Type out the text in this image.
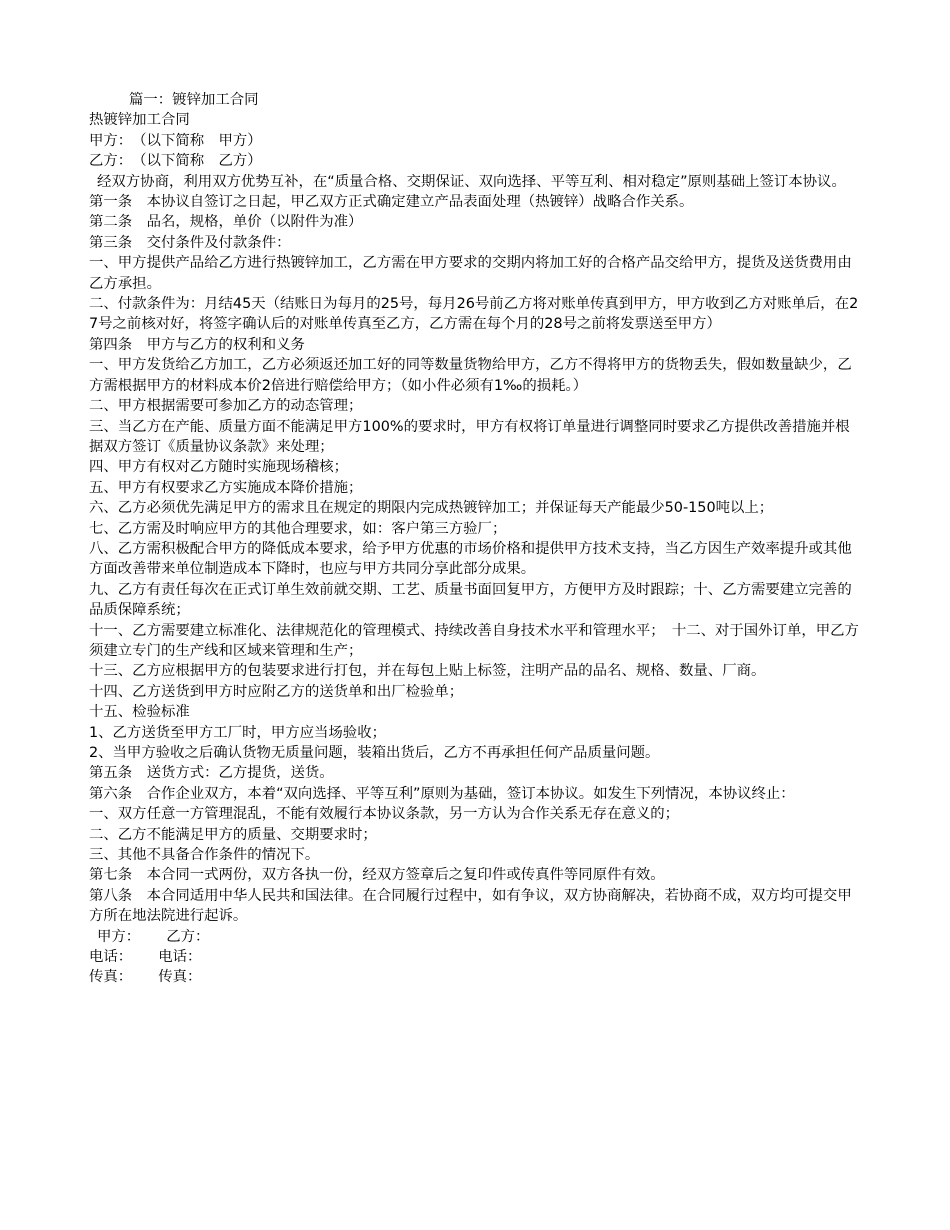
篇一：镀锌加工合同

热镀锌加工合同

甲方：　（以下简称　甲方）

乙方：　（以下简称　乙方）

经双方协商，利用双方优势互补，在“质量合格、交期保证、双向选择、平等互利、相对稳定”原则基础上签订本协议。

第一条　本协议自签订之日起，甲乙双方正式确定建立产品表面处理（热镀锌）战略合作关系。

第二条　品名，规格，单价（以附件为准）

第三条　交付条件及付款条件：

一、甲方提供产品给乙方进行热镀锌加工，乙方需在甲方要求的交期内将加工好的合格产品交给甲方，提货及送货费用由乙方承担。

二、付款条件为：月结45天（结账日为每月的25号，每月26号前乙方将对账单传真到甲方，甲方收到乙方对账单后，在27号之前核对好，将签字确认后的对账单传真至乙方，乙方需在每个月的28号之前将发票送至甲方）

第四条　甲方与乙方的权利和义务

一、甲方发货给乙方加工，乙方必须返还加工好的同等数量货物给甲方，乙方不得将甲方的货物丢失，假如数量缺少，乙方需根据甲方的材料成本价2倍进行赔偿给甲方；（如小件必须有1‰的损耗。）

二、甲方根据需要可参加乙方的动态管理；

三、当乙方在产能、质量方面不能满足甲方100%的要求时，甲方有权将订单量进行调整同时要求乙方提供改善措施并根据双方签订《质量协议条款》来处理；

四、甲方有权对乙方随时实施现场稽核；

五、甲方有权要求乙方实施成本降价措施；

六、乙方必须优先满足甲方的需求且在规定的期限内完成热镀锌加工；并保证每天产能最少50-150吨以上；

七、乙方需及时响应甲方的其他合理要求，如：客户第三方验厂；

八、乙方需积极配合甲方的降低成本要求，给予甲方优惠的市场价格和提供甲方技术支持，当乙方因生产效率提升或其他方面改善带来单位制造成本下降时，也应与甲方共同分享此部分成果。

九、乙方有责任每次在正式订单生效前就交期、工艺、质量书面回复甲方，方便甲方及时跟踪；十、乙方需要建立完善的品质保障系统；

十一、乙方需要建立标准化、法律规范化的管理模式、持续改善自身技术水平和管理水平；　十二、对于国外订单，甲乙方须建立专门的生产线和区域来管理和生产；

十三、乙方应根据甲方的包装要求进行打包，并在每包上贴上标签，注明产品的品名、规格、数量、厂商。

十四、乙方送货到甲方时应附乙方的送货单和出厂检验单；

十五、检验标准

1、乙方送货至甲方工厂时，甲方应当场验收；

2、当甲方验收之后确认货物无质量问题，装箱出货后，乙方不再承担任何产品质量问题。

第五条　送货方式：乙方提货，送货。

第六条　合作企业双方，本着“双向选择、平等互利”原则为基础，签订本协议。如发生下列情况，本协议终止：

一、双方任意一方管理混乱，不能有效履行本协议条款，另一方认为合作关系无存在意义的；

二、乙方不能满足甲方的质量、交期要求时；

三、其他不具备合作条件的情况下。

第七条　本合同一式两份，双方各执一份，经双方签章后之复印件或传真件等同原件有效。

第八条　本合同适用中华人民共和国法律。在合同履行过程中，如有争议，双方协商解决，若协商不成，双方均可提交甲方所在地法院进行起诉。

甲方： 乙方：

电话： 电话：

传真： 传真：
